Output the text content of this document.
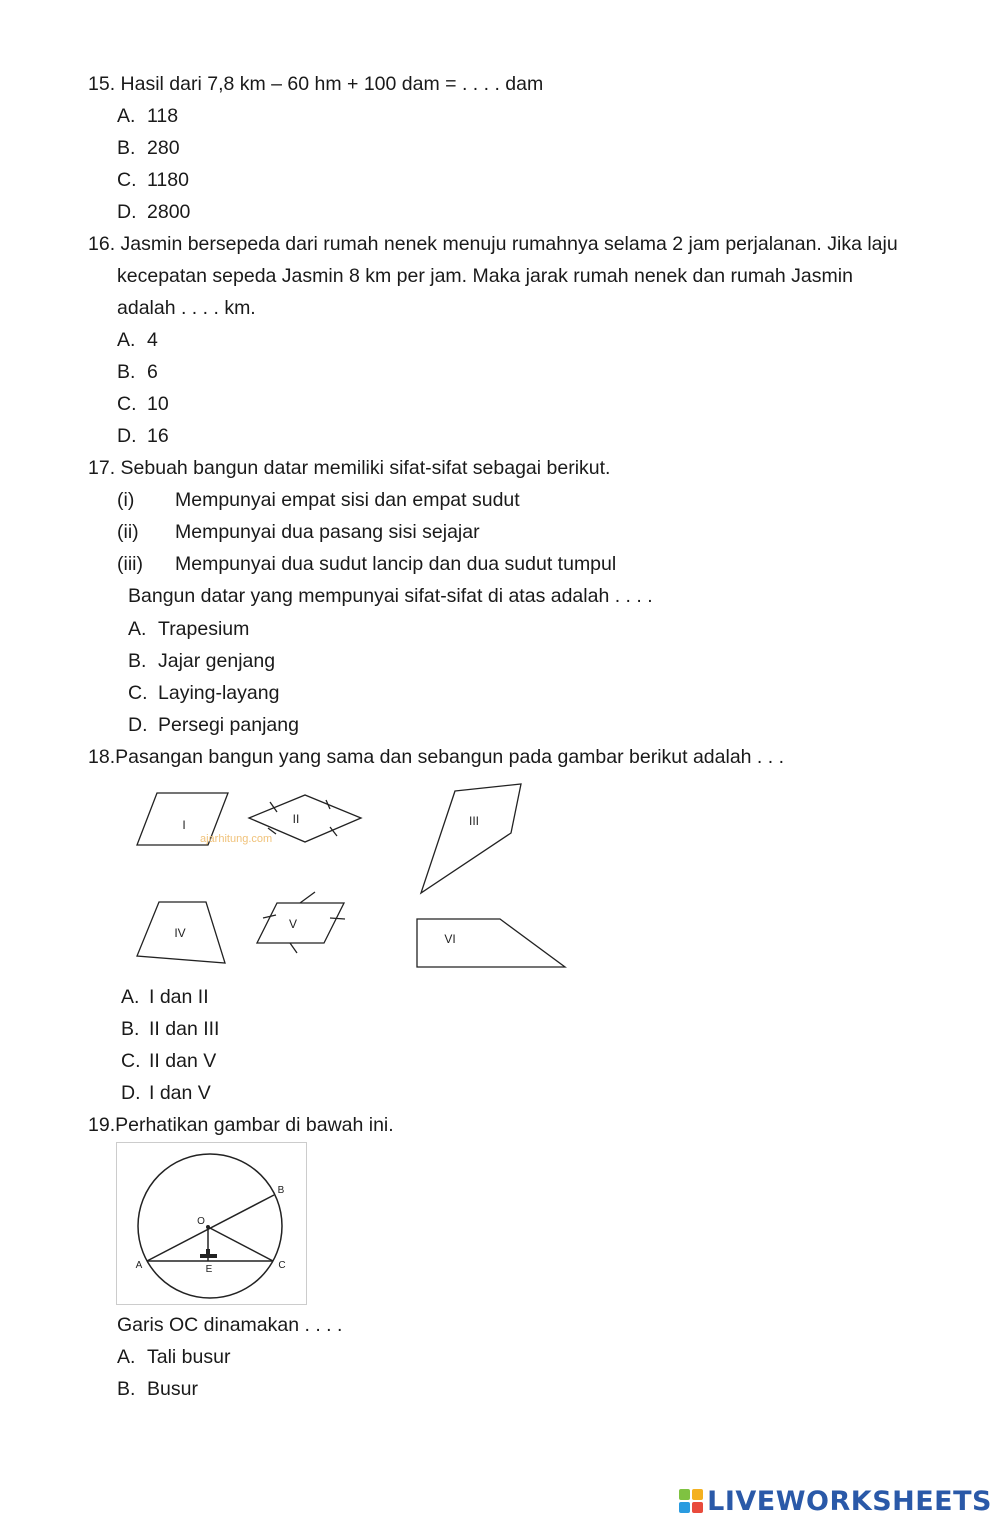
15. Hasil dari 7,8 km – 60 hm + 100 dam = . . . . dam
A. 118
B. 280
C. 1180
D. 2800
16. Jasmin bersepeda dari rumah nenek menuju rumahnya selama 2 jam perjalanan. Jika laju
kecepatan sepeda Jasmin 8 km per jam. Maka jarak rumah nenek dan rumah Jasmin
adalah . . . . km.
A. 4
B. 6
C. 10
D. 16
17. Sebuah bangun datar memiliki sifat-sifat sebagai berikut.
(i) Mempunyai empat sisi dan empat sudut
(ii) Mempunyai dua pasang sisi sejajar
(iii) Mempunyai dua sudut lancip dan dua sudut tumpul
Bangun datar yang mempunyai sifat-sifat di atas adalah . . . .
A. Trapesium
B. Jajar genjang
C. Laying-layang
D. Persegi panjang
18.Pasangan bangun yang sama dan sebangun pada gambar berikut adalah . . .
I	II	III
IV
V
VI
ajarhitung.com
A. I dan II
B. II dan III
C. II dan V
D. I dan V
19.Perhatikan gambar di bawah ini.
A
B
C
O
E
Garis OC dinamakan . . . .
A. Tali busur
B. Busur
LIVEWORKSHEETS
